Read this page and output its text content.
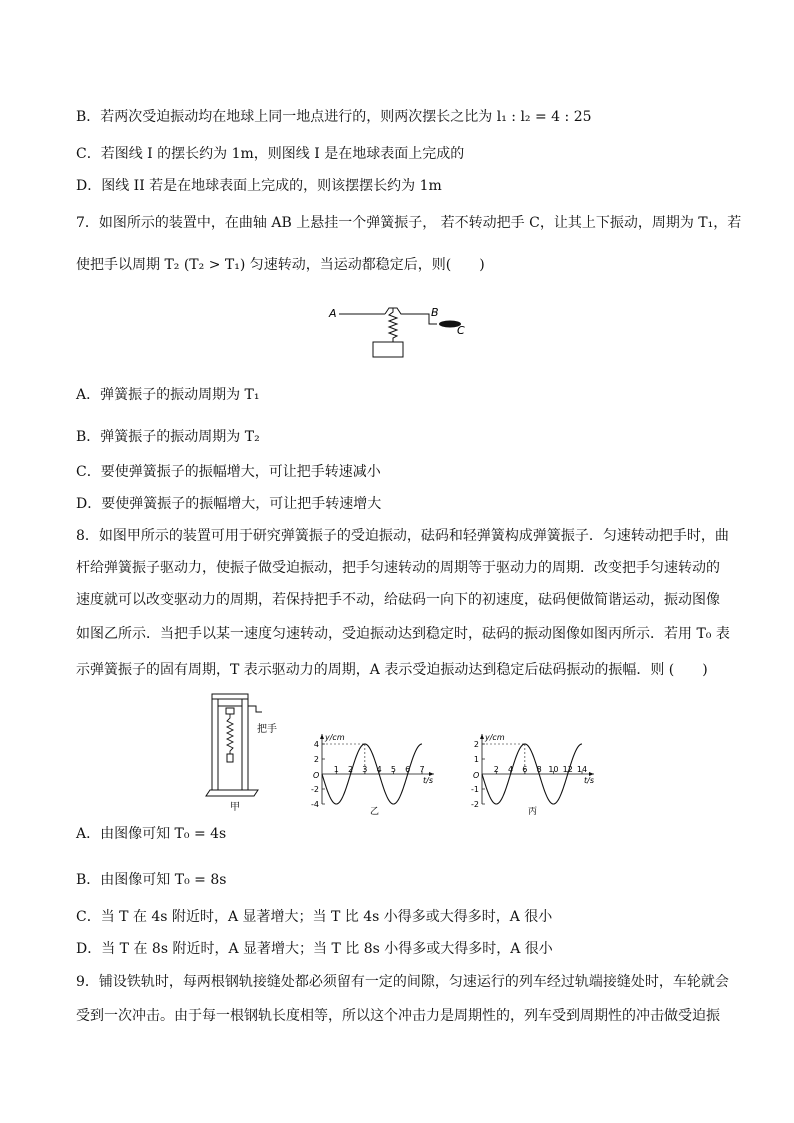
B．若两次受迫振动均在地球上同一地点进行的，则两次摆长之比为 l₁ : l₂ = 4 : 25
C．若图线 I 的摆长约为 1m，则图线 I 是在地球表面上完成的
D．图线 II 若是在地球表面上完成的，则该摆摆长约为 1m
7．如图所示的装置中，在曲轴 AB 上悬挂一个弹簧振子， 若不转动把手 C，让其上下振动，周期为 T₁，若
使把手以周期 T₂ (T₂ > T₁) 匀速转动，当运动都稳定后，则(　　)
A	B
C
A．弹簧振子的振动周期为 T₁
B．弹簧振子的振动周期为 T₂
C．要使弹簧振子的振幅增大，可让把手转速减小
D．要使弹簧振子的振幅增大，可让把手转速增大
8．如图甲所示的装置可用于研究弹簧振子的受迫振动，砝码和轻弹簧构成弹簧振子．匀速转动把手时，曲
杆给弹簧振子驱动力，使振子做受迫振动，把手匀速转动的周期等于驱动力的周期．改变把手匀速转动的
速度就可以改变驱动力的周期，若保持把手不动，给砝码一向下的初速度，砝码便做简谐运动，振动图像
如图乙所示．当把手以某一速度匀速转动，受迫振动达到稳定时，砝码的振动图像如图丙所示．若用 T₀ 表
示弹簧振子的固有周期，T 表示驱动力的周期，A 表示受迫振动达到稳定后砝码振动的振幅．则 (　　)
把手
甲
y/cm
t/s
O
4
2
-2
-4
1 2 3 4 5 6 7
乙
y/cm
t/s
O
2
1
-1
-2
2 4 6 8 10 12 14
丙
A．由图像可知 T₀ = 4s
B．由图像可知 T₀ = 8s
C．当 T 在 4s 附近时，A 显著增大；当 T 比 4s 小得多或大得多时，A 很小
D．当 T 在 8s 附近时，A 显著增大；当 T 比 8s 小得多或大得多时，A 很小
9．铺设铁轨时，每两根钢轨接缝处都必须留有一定的间隙，匀速运行的列车经过轨端接缝处时，车轮就会
受到一次冲击。由于每一根钢轨长度相等，所以这个冲击力是周期性的，列车受到周期性的冲击做受迫振
